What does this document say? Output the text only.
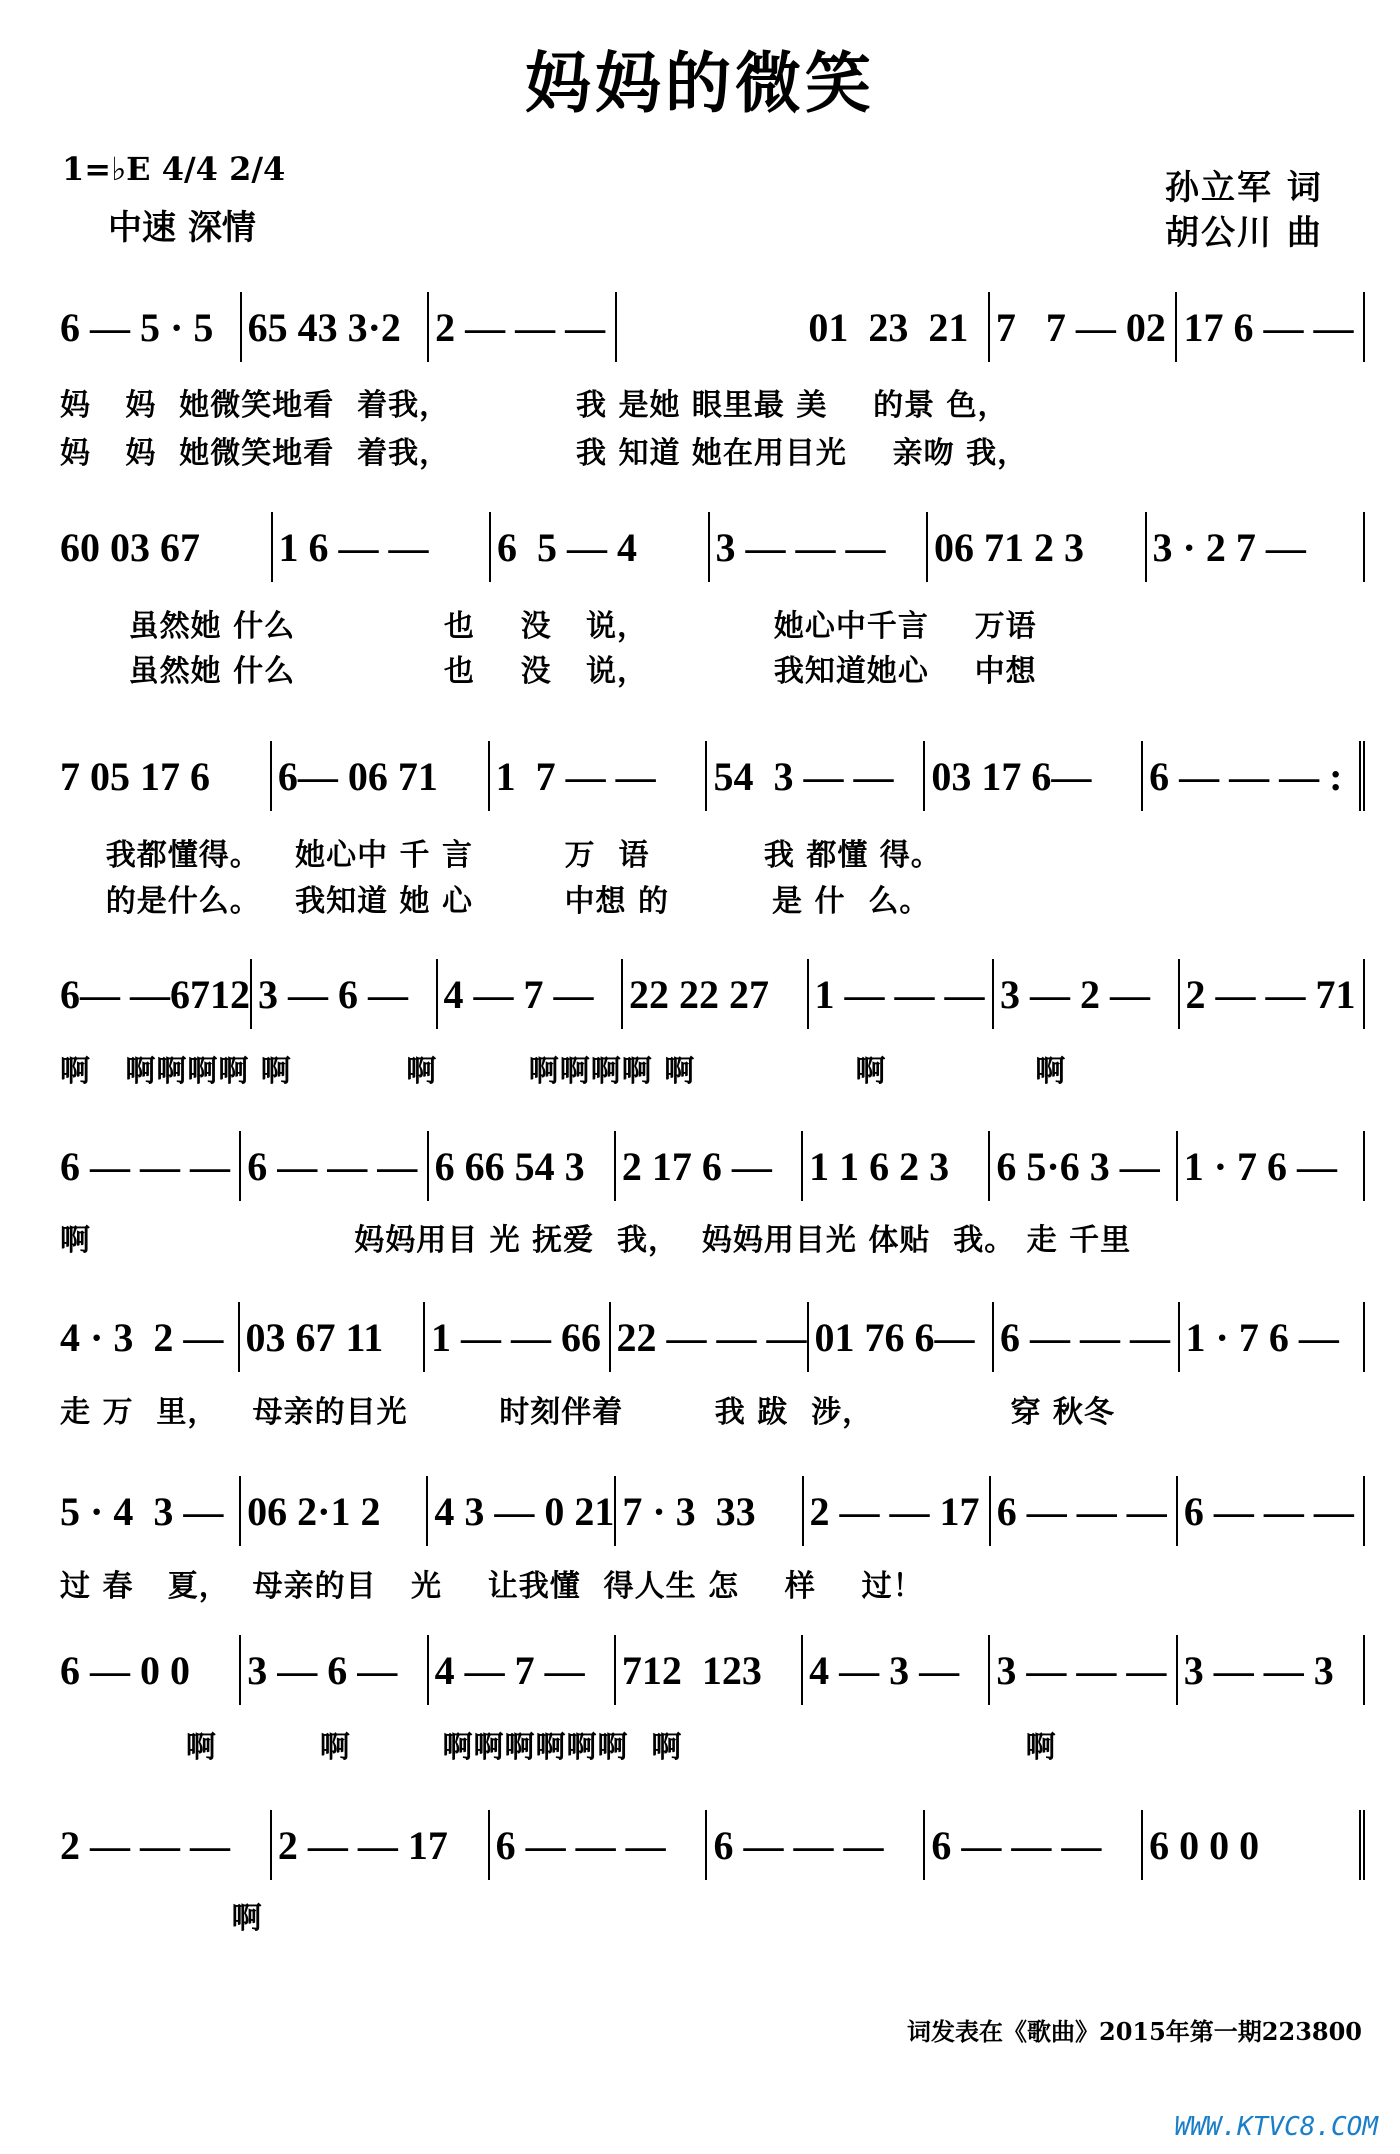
妈妈的微笑
1=♭E 4/4 2/4
中速 深情
孙立军 词
胡公川 曲
6 — 5 · 5 65 43 3·2 2 — — —	01  23  21 7   7 — 02 17 6 — —
妈   妈  她微笑地看  着我，           我 是她 眼里最 美    的景 色，
妈   妈  她微笑地看  着我，           我 知道 她在用目光    亲吻 我，
60 03 67	1 6 — —	6  5 — 4	3 — — —	06 71 2 3	3 · 2 7 —
虽然她 什么             也    没   说，           她心中千言    万语
虽然她 什么             也    没   说，           我知道她心    中想
7 05 17 6	6— 06 71	1  7 — —	54  3 — — 03 17 6—	6 — — — :
我都懂得。   她心中 千 言        万  语          我 都懂 得。
的是什么。   我知道 她 心        中想 的         是 什  么。
6— —6712 3 — 6 — 4 — 7 — 22 22 27	1 — — — 3 — 2 — 2 — — 71
啊   啊啊啊啊 啊          啊        啊啊啊啊 啊              啊             啊
6 — — — 6 — — — 6 66 54 3 2 17 6 — 1 1 6 2 3	6 5·6 3 — 1 · 7 6 —
啊                       妈妈用目 光 抚爱  我，  妈妈用目光 体贴  我。 走 千里
4 · 3  2 — 03 67 11	1 — — 66 22 — — — 01 76 6— 6 — — — 1 · 7 6 —
走 万  里，   母亲的目光        时刻伴着        我 跋  涉，            穿 秋冬
5 · 4  3 — 06 2·1 2	4 3 — 0 21 7 · 3  33	2 — — 17 6 — — — 6 — — —
过 春   夏，  母亲的目   光    让我懂  得人生 怎    样    过！
6 — 0 0	3 — 6 — 4 — 7 — 712  123	4 — 3 — 3 — — — 3 — — 3
啊         啊        啊啊啊啊啊啊  啊                              啊
2 — — —	2 — — 17	6 — — —	6 — — —	6 — — —	6 0 0 0
啊
词发表在《歌曲》2015年第一期223800
WWW.KTVC8.COM
